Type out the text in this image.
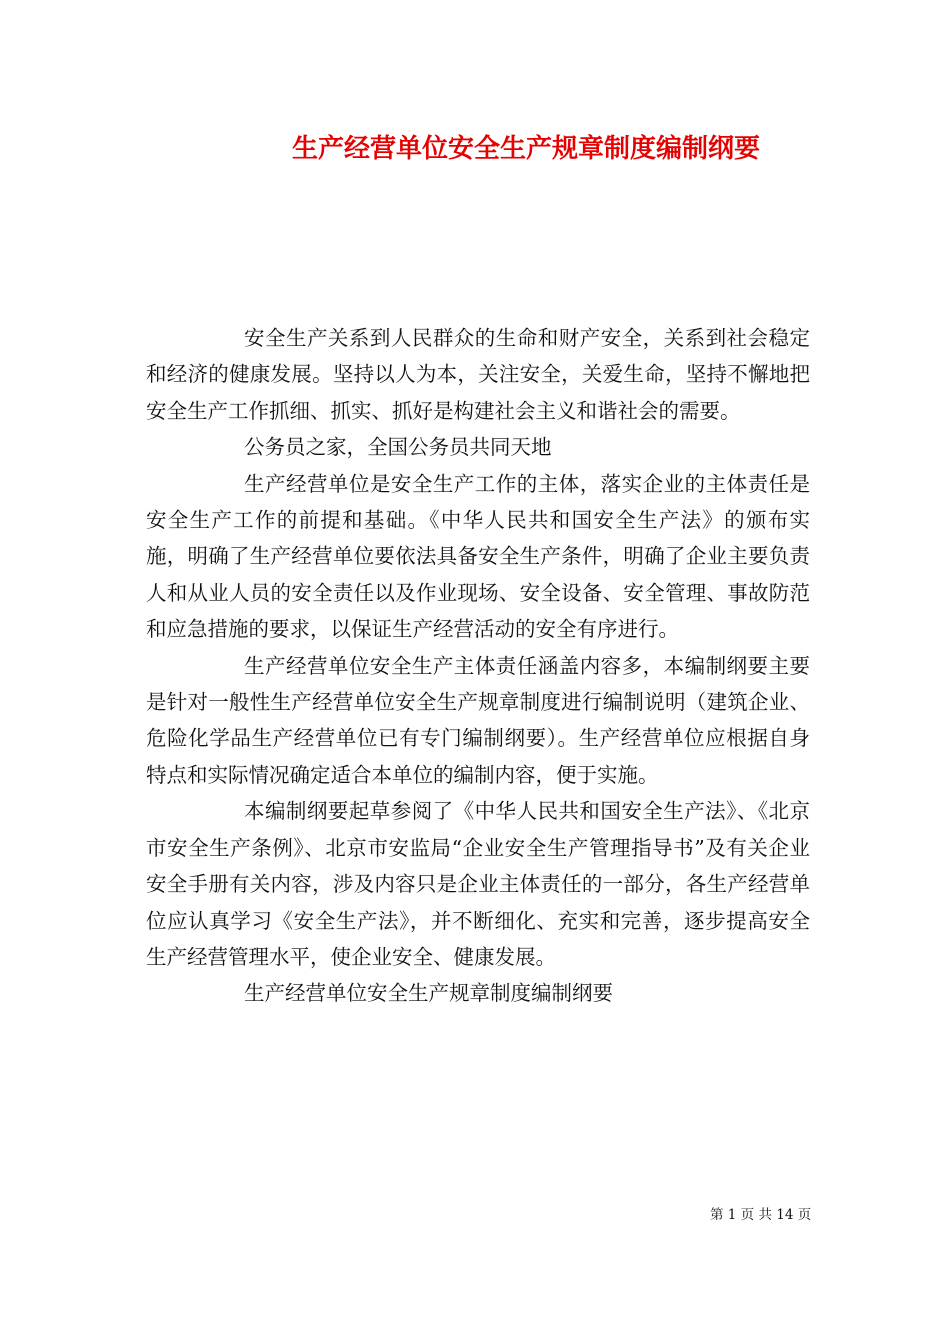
生产经营单位安全生产规章制度编制纲要

安全生产关系到人民群众的生命和财产安全，关系到社会稳定和经济的健康发展。坚持以人为本，关注安全，关爱生命，坚持不懈地把安全生产工作抓细、抓实、抓好是构建社会主义和谐社会的需要。

公务员之家，全国公务员共同天地

生产经营单位是安全生产工作的主体，落实企业的主体责任是安全生产工作的前提和基础。《中华人民共和国安全生产法》的颁布实施，明确了生产经营单位要依法具备安全生产条件，明确了企业主要负责人和从业人员的安全责任以及作业现场、安全设备、安全管理、事故防范和应急措施的要求，以保证生产经营活动的安全有序进行。

生产经营单位安全生产主体责任涵盖内容多，本编制纲要主要是针对一般性生产经营单位安全生产规章制度进行编制说明（建筑企业、危险化学品生产经营单位已有专门编制纲要）。生产经营单位应根据自身特点和实际情况确定适合本单位的编制内容，便于实施。

本编制纲要起草参阅了《中华人民共和国安全生产法》、《北京市安全生产条例》、北京市安监局“企业安全生产管理指导书”及有关企业安全手册有关内容，涉及内容只是企业主体责任的一部分，各生产经营单位应认真学习《安全生产法》，并不断细化、充实和完善，逐步提高安全生产经营管理水平，使企业安全、健康发展。

生产经营单位安全生产规章制度编制纲要

第 1 页 共 14 页
